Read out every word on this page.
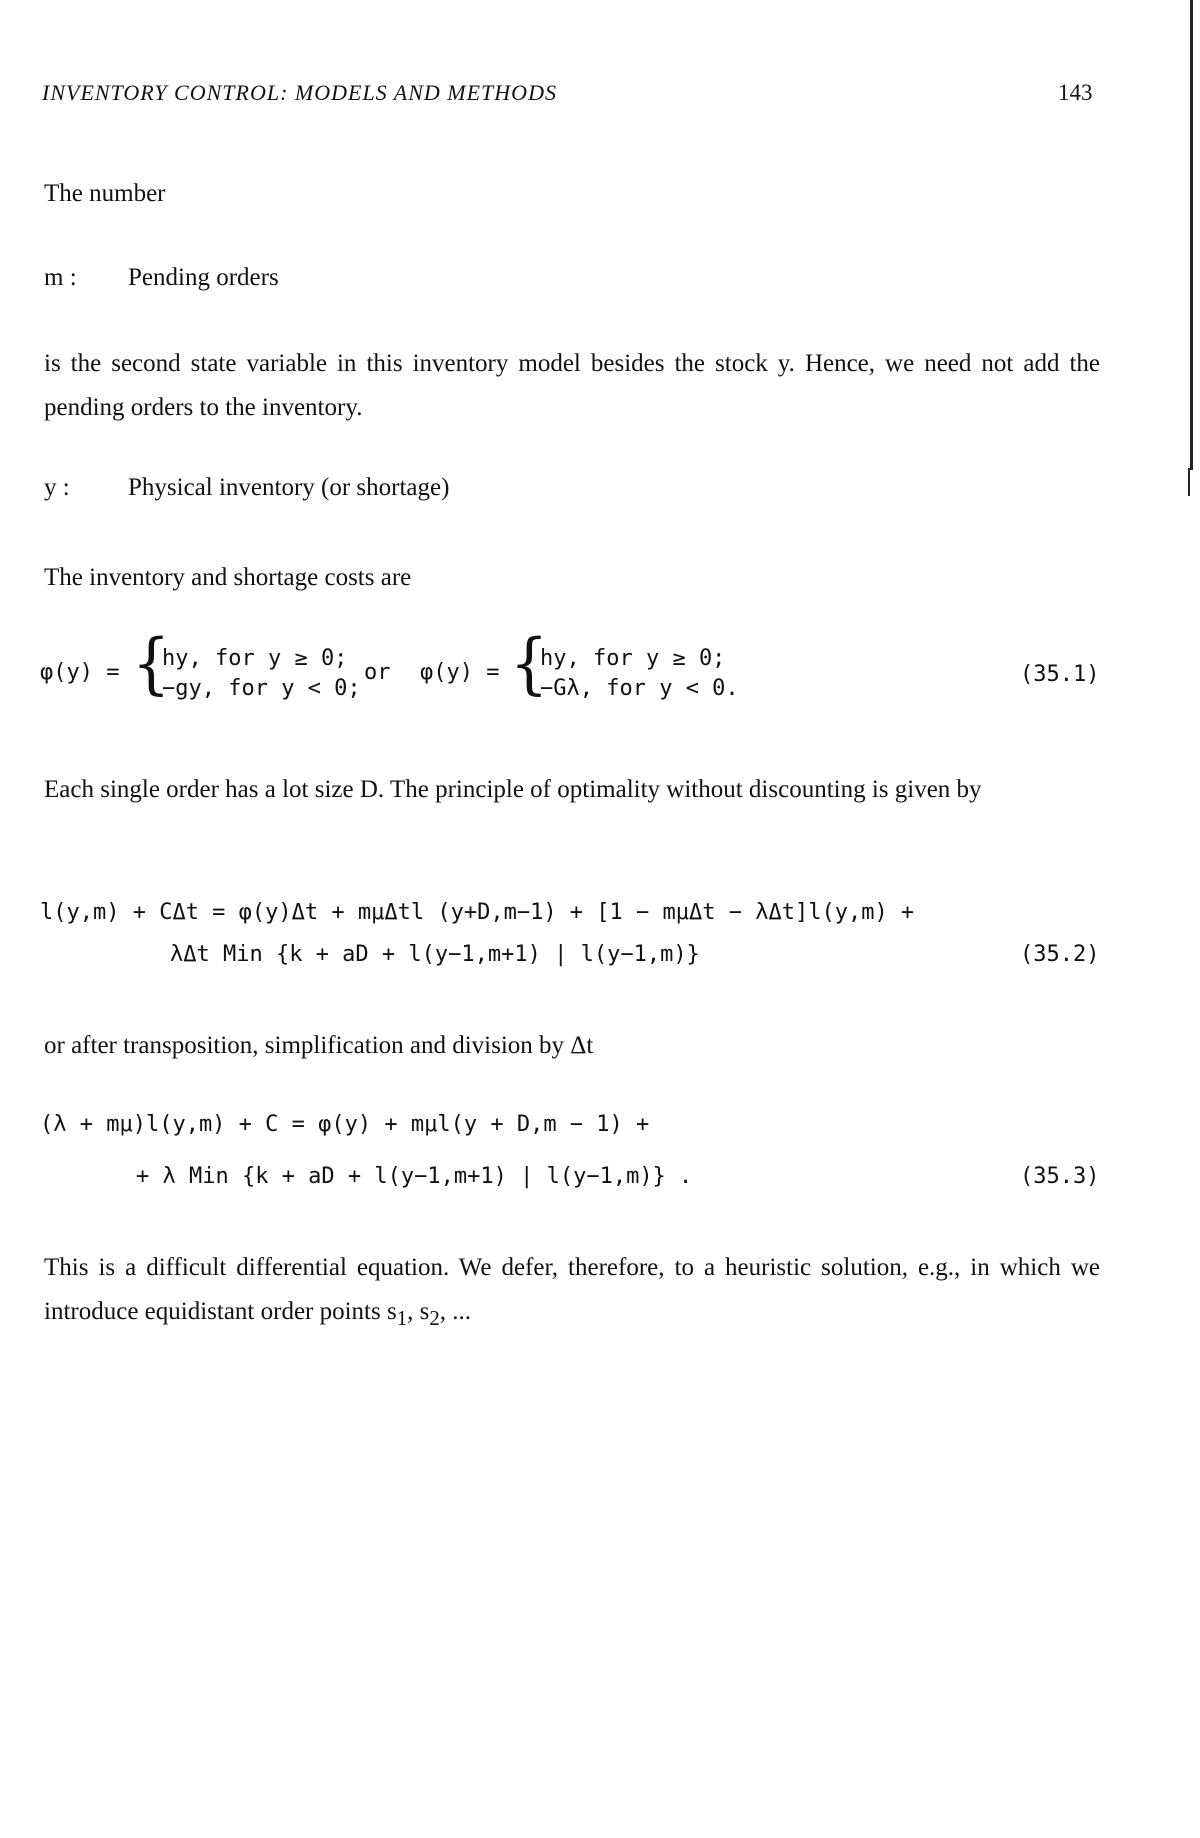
INVENTORY CONTROL: MODELS AND METHODS	143
The number
m : Pending orders
is the second state variable in this inventory model besides the stock y. Hence, we need not add the pending orders to the inventory.
y : Physical inventory (or shortage)
The inventory and shortage costs are
φ(y) = {
hy, for y ≥ 0;
−gy, for y < 0;
or φ(y) = {
hy, for y ≥ 0;
−Gλ, for y < 0.
(35.1)
Each single order has a lot size D. The principle of optimality without discounting is given by
l(y,m) + CΔt = φ(y)Δt + mμΔtl (y+D,m−1) + [1 − mμΔt − λΔt]l(y,m) +
λΔt Min {k + aD + l(y−1,m+1) | l(y−1,m)}	(35.2)
or after transposition, simplification and division by Δt
(λ + mμ)l(y,m) + C = φ(y) + mμl(y + D,m − 1) +
+ λ Min {k + aD + l(y−1,m+1) | l(y−1,m)} .	(35.3)
This is a difficult differential equation. We defer, therefore, to a heuristic solution, e.g., in which we introduce equidistant order points $s_1$, $s_2$, ...
